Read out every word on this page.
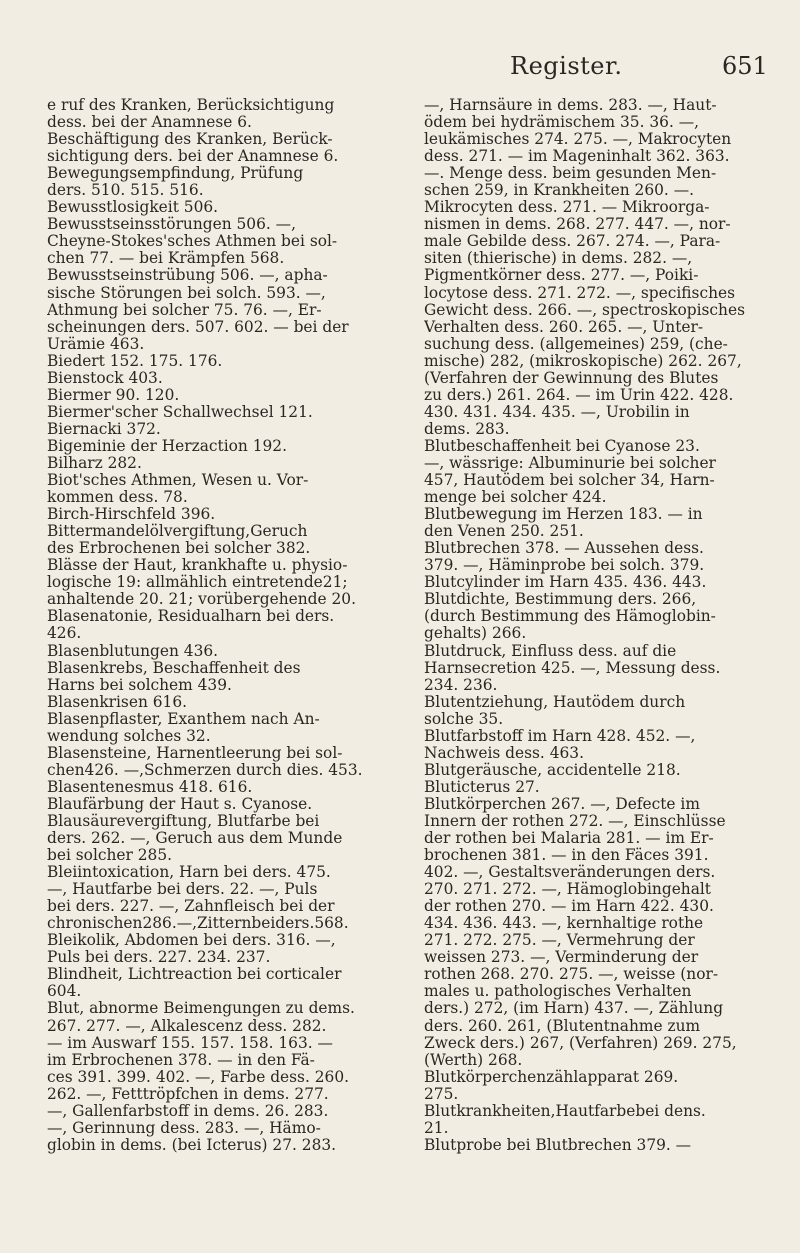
Register.	651
e ruf des Kranken, Berücksichtigung
dess. bei der Anamnese 6.
Beschäftigung des Kranken, Berück-
sichtigung ders. bei der Anamnese 6.
Bewegungsempfindung, Prüfung
ders. 510. 515. 516.
Bewusstlosigkeit 506.
Bewusstseinsstörungen 506. —,
Cheyne-Stokes'sches Athmen bei sol-
chen 77. — bei Krämpfen 568.
Bewusstseinstrübung 506. —, apha-
sische Störungen bei solch. 593. —,
Athmung bei solcher 75. 76. —, Er-
scheinungen ders. 507. 602. — bei der
Urämie 463.
Biedert 152. 175. 176.
Bienstock 403.
Biermer 90. 120.
Biermer'scher Schallwechsel 121.
Biernacki 372.
Bigeminie der Herzaction 192.
Bilharz 282.
Biot'sches Athmen, Wesen u. Vor-
kommen dess. 78.
Birch-Hirschfeld 396.
Bittermandelölvergiftung,Geruch
des Erbrochenen bei solcher 382.
Blässe der Haut, krankhafte u. physio-
logische 19: allmählich eintretende21;
anhaltende 20. 21; vorübergehende 20.
Blasenatonie, Residualharn bei ders.
426.
Blasenblutungen 436.
Blasenkrebs, Beschaffenheit des
Harns bei solchem 439.
Blasenkrisen 616.
Blasenpflaster, Exanthem nach An-
wendung solches 32.
Blasensteine, Harnentleerung bei sol-
chen426. —,Schmerzen durch dies. 453.
Blasentenesmus 418. 616.
Blaufärbung der Haut s. Cyanose.
Blausäurevergiftung, Blutfarbe bei
ders. 262. —, Geruch aus dem Munde
bei solcher 285.
Bleiintoxication, Harn bei ders. 475.
—, Hautfarbe bei ders. 22. —, Puls
bei ders. 227. —, Zahnfleisch bei der
chronischen286.—,Zitternbeiders.568.
Bleikolik, Abdomen bei ders. 316. —,
Puls bei ders. 227. 234. 237.
Blindheit, Lichtreaction bei corticaler
604.
Blut, abnorme Beimengungen zu dems.
267. 277. —, Alkalescenz dess. 282.
— im Auswarf 155. 157. 158. 163. —
im Erbrochenen 378. — in den Fä-
ces 391. 399. 402. —, Farbe dess. 260.
262. —, Fetttröpfchen in dems. 277.
—, Gallenfarbstoff in dems. 26. 283.
—, Gerinnung dess. 283. —, Hämo-
globin in dems. (bei Icterus) 27. 283.
—, Harnsäure in dems. 283. —, Haut-
ödem bei hydrämischem 35. 36. —,
leukämisches 274. 275. —, Makrocyten
dess. 271. — im Mageninhalt 362. 363.
—. Menge dess. beim gesunden Men-
schen 259, in Krankheiten 260. —.
Mikrocyten dess. 271. — Mikroorga-
nismen in dems. 268. 277. 447. —, nor-
male Gebilde dess. 267. 274. —, Para-
siten (thierische) in dems. 282. —,
Pigmentkörner dess. 277. —, Poiki-
locytose dess. 271. 272. —, specifisches
Gewicht dess. 266. —, spectroskopisches
Verhalten dess. 260. 265. —, Unter-
suchung dess. (allgemeines) 259, (che-
mische) 282, (mikroskopische) 262. 267,
(Verfahren der Gewinnung des Blutes
zu ders.) 261. 264. — im Urin 422. 428.
430. 431. 434. 435. —, Urobilin in
dems. 283.
Blutbeschaffenheit bei Cyanose 23.
—, wässrige: Albuminurie bei solcher
457, Hautödem bei solcher 34, Harn-
menge bei solcher 424.
Blutbewegung im Herzen 183. — in
den Venen 250. 251.
Blutbrechen 378. — Aussehen dess.
379. —, Häminprobe bei solch. 379.
Blutcylinder im Harn 435. 436. 443.
Blutdichte, Bestimmung ders. 266,
(durch Bestimmung des Hämoglobin-
gehalts) 266.
Blutdruck, Einfluss dess. auf die
Harnsecretion 425. —, Messung dess.
234. 236.
Blutentziehung, Hautödem durch
solche 35.
Blutfarbstoff im Harn 428. 452. —,
Nachweis dess. 463.
Blutgeräusche, accidentelle 218.
Bluticterus 27.
Blutkörperchen 267. —, Defecte im
Innern der rothen 272. —, Einschlüsse
der rothen bei Malaria 281. — im Er-
brochenen 381. — in den Fäces 391.
402. —, Gestaltsveränderungen ders.
270. 271. 272. —, Hämoglobingehalt
der rothen 270. — im Harn 422. 430.
434. 436. 443. —, kernhaltige rothe
271. 272. 275. —, Vermehrung der
weissen 273. —, Verminderung der
rothen 268. 270. 275. —, weisse (nor-
males u. pathologisches Verhalten
ders.) 272, (im Harn) 437. —, Zählung
ders. 260. 261, (Blutentnahme zum
Zweck ders.) 267, (Verfahren) 269. 275,
(Werth) 268.
Blutkörperchenzählapparat 269.
275.
Blutkrankheiten,Hautfarbebei dens.
21.
Blutprobe bei Blutbrechen 379. —
